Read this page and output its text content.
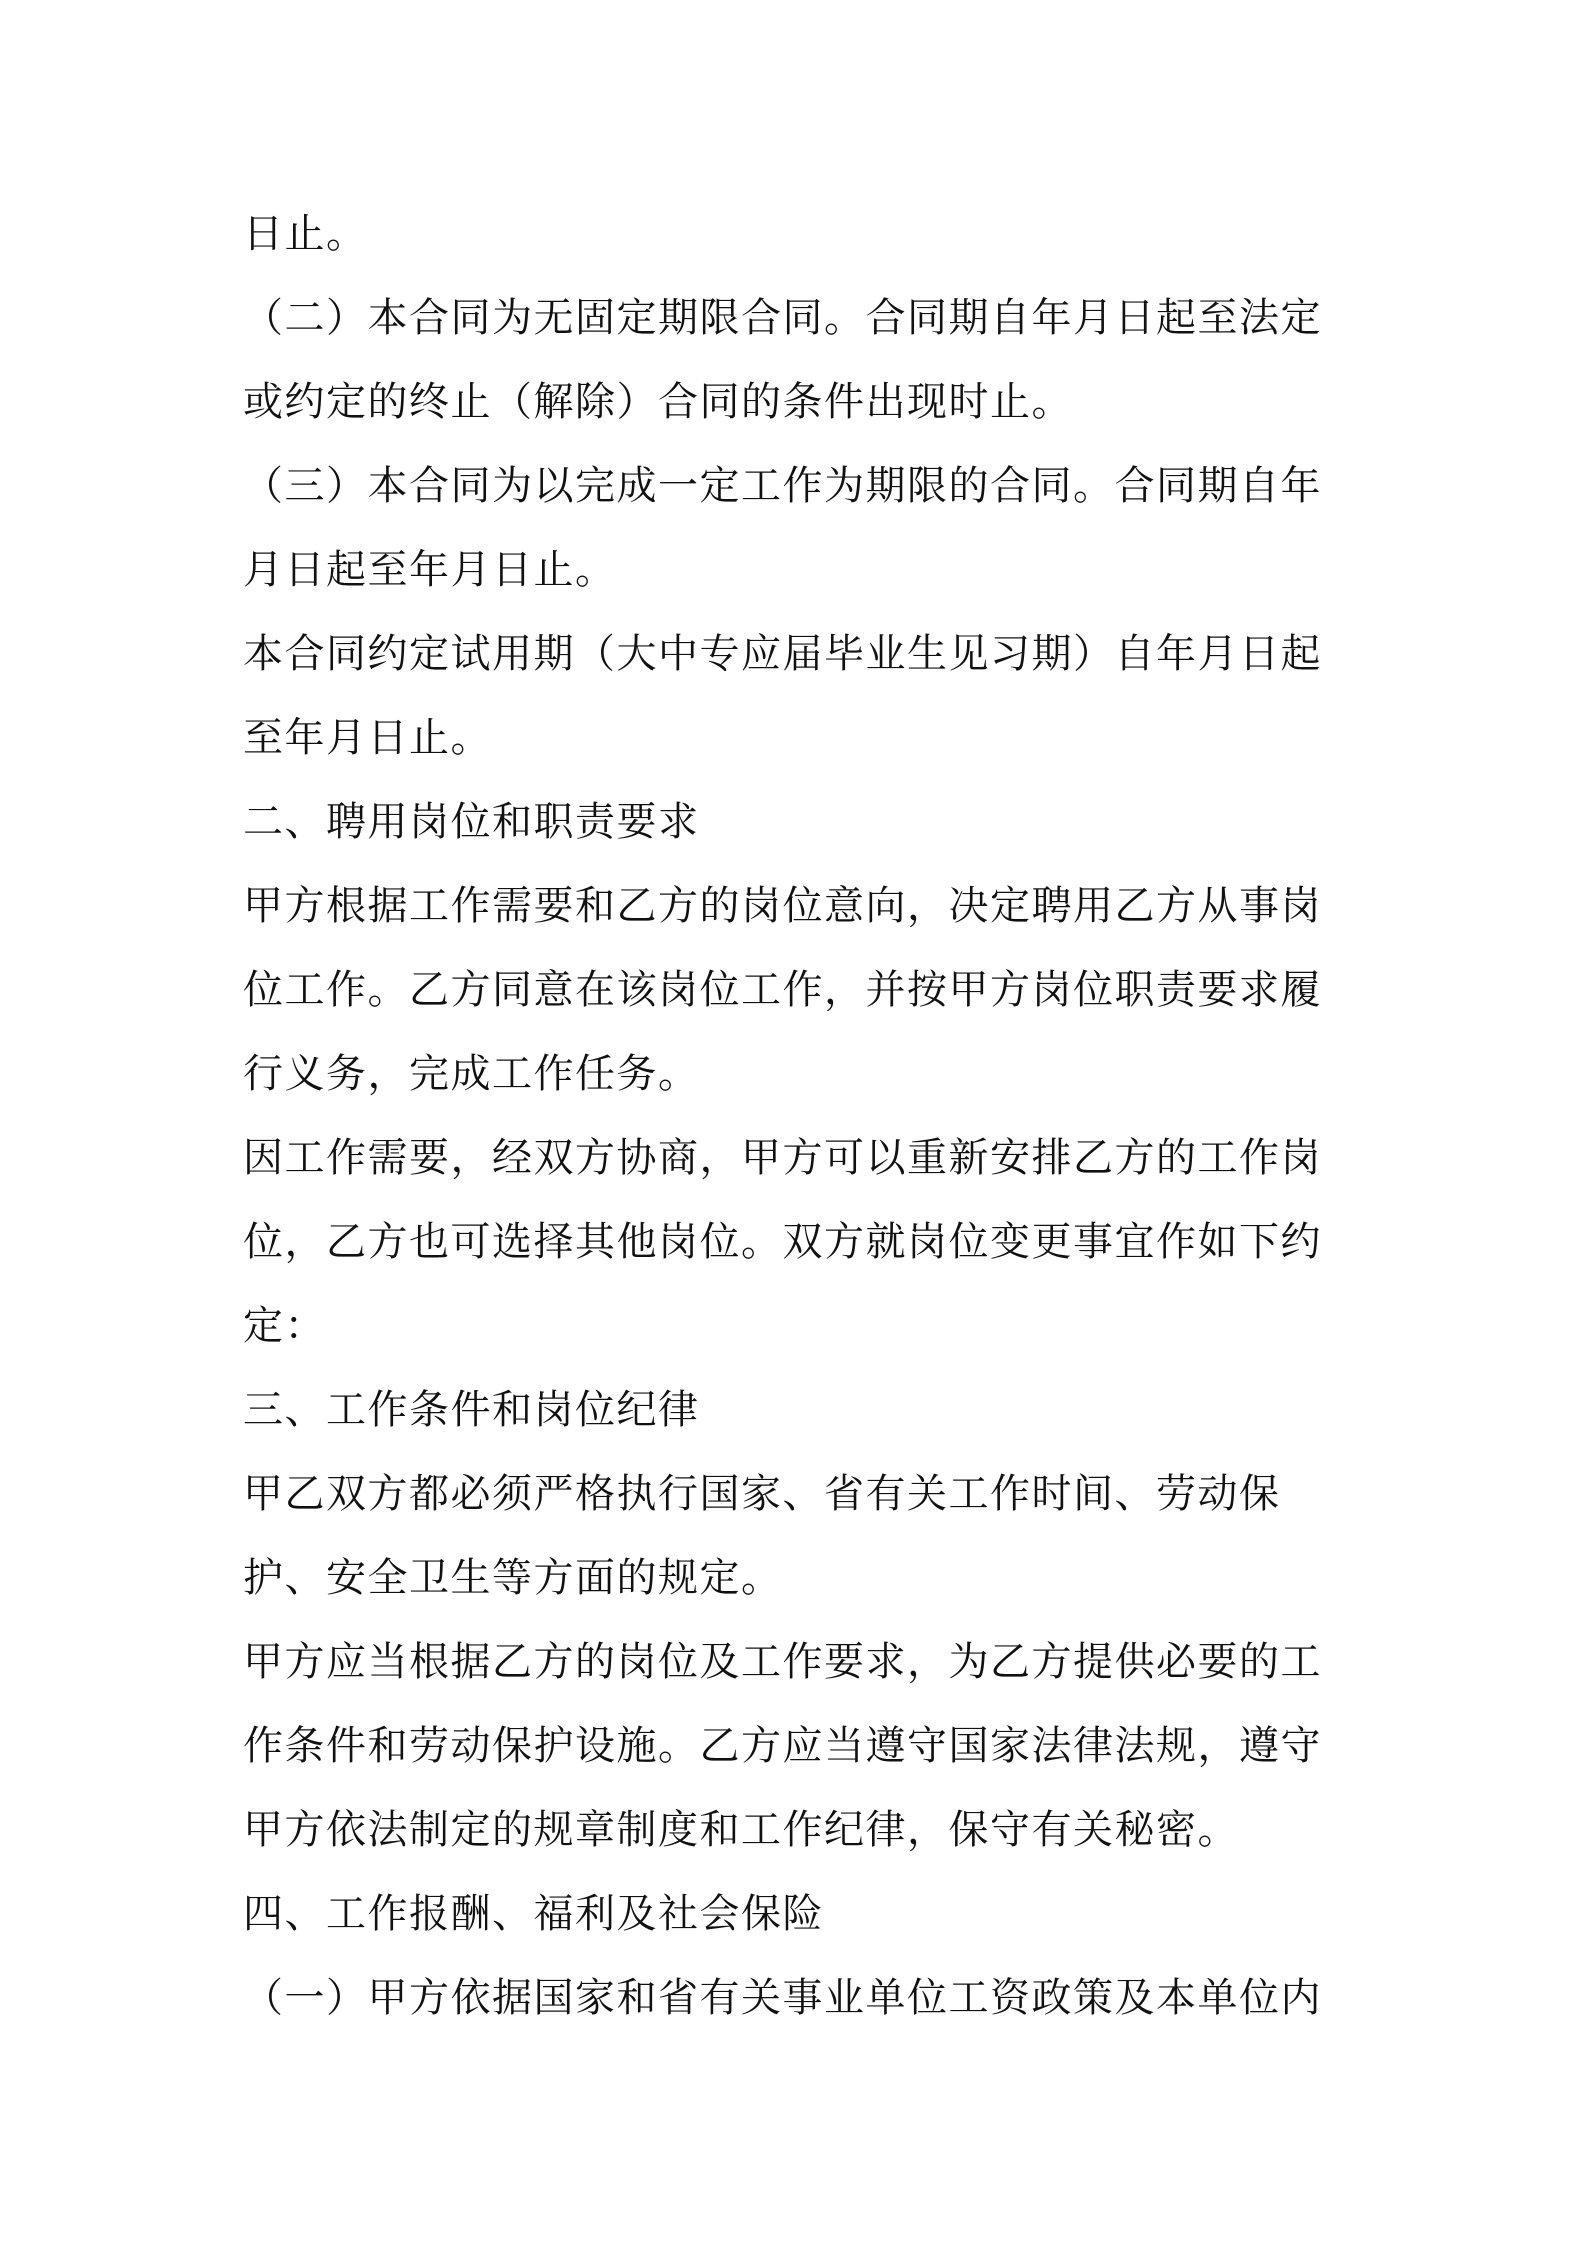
日止。

（二）本合同为无固定期限合同。合同期自年月日起至法定或约定的终止（解除）合同的条件出现时止。

（三）本合同为以完成一定工作为期限的合同。合同期自年月日起至年月日止。

本合同约定试用期（大中专应届毕业生见习期）自年月日起至年月日止。

二、聘用岗位和职责要求

甲方根据工作需要和乙方的岗位意向，决定聘用乙方从事岗位工作。乙方同意在该岗位工作，并按甲方岗位职责要求履行义务，完成工作任务。

因工作需要，经双方协商，甲方可以重新安排乙方的工作岗位，乙方也可选择其他岗位。双方就岗位变更事宜作如下约定：

三、工作条件和岗位纪律

甲乙双方都必须严格执行国家、省有关工作时间、劳动保护、安全卫生等方面的规定。

甲方应当根据乙方的岗位及工作要求，为乙方提供必要的工作条件和劳动保护设施。乙方应当遵守国家法律法规，遵守甲方依法制定的规章制度和工作纪律，保守有关秘密。

四、工作报酬、福利及社会保险

（一）甲方依据国家和省有关事业单位工资政策及本单位内
